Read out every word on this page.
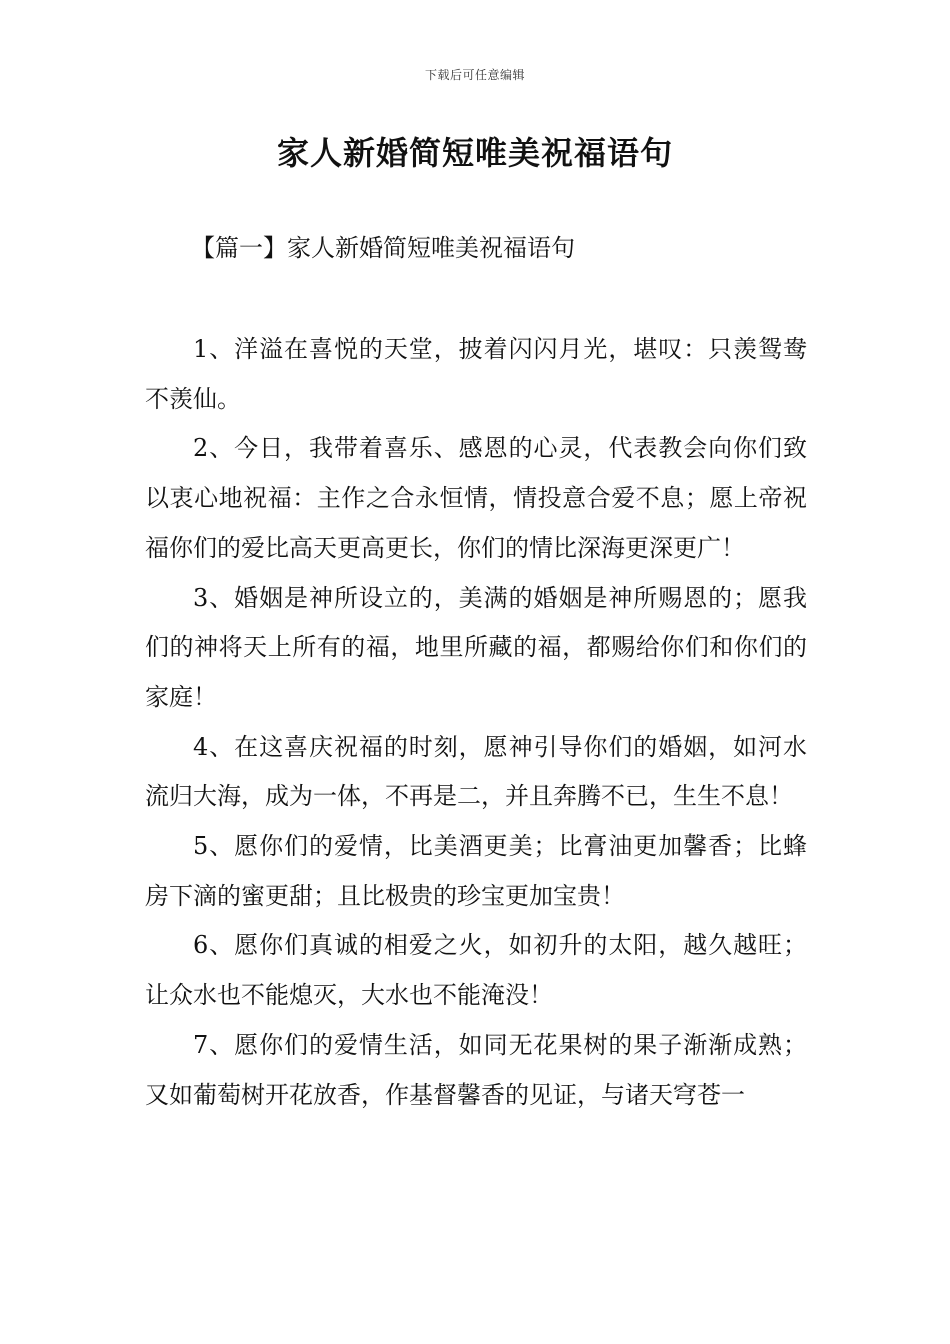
下载后可任意编辑
家人新婚简短唯美祝福语句
【篇一】家人新婚简短唯美祝福语句

1、洋溢在喜悦的天堂，披着闪闪月光，堪叹：只羡鸳鸯不羡仙。

2、今日，我带着喜乐、感恩的心灵，代表教会向你们致以衷心地祝福：主作之合永恒情，情投意合爱不息；愿上帝祝福你们的爱比高天更高更长，你们的情比深海更深更广！

3、婚姻是神所设立的，美满的婚姻是神所赐恩的；愿我们的神将天上所有的福，地里所藏的福，都赐给你们和你们的家庭！

4、在这喜庆祝福的时刻，愿神引导你们的婚姻，如河水流归大海，成为一体，不再是二，并且奔腾不已，生生不息！

5、愿你们的爱情，比美酒更美；比膏油更加馨香；比蜂房下滴的蜜更甜；且比极贵的珍宝更加宝贵！

6、愿你们真诚的相爱之火，如初升的太阳，越久越旺；让众水也不能熄灭，大水也不能淹没！

7、愿你们的爱情生活，如同无花果树的果子渐渐成熟；又如葡萄树开花放香，作基督馨香的见证，与诸天穹苍一
